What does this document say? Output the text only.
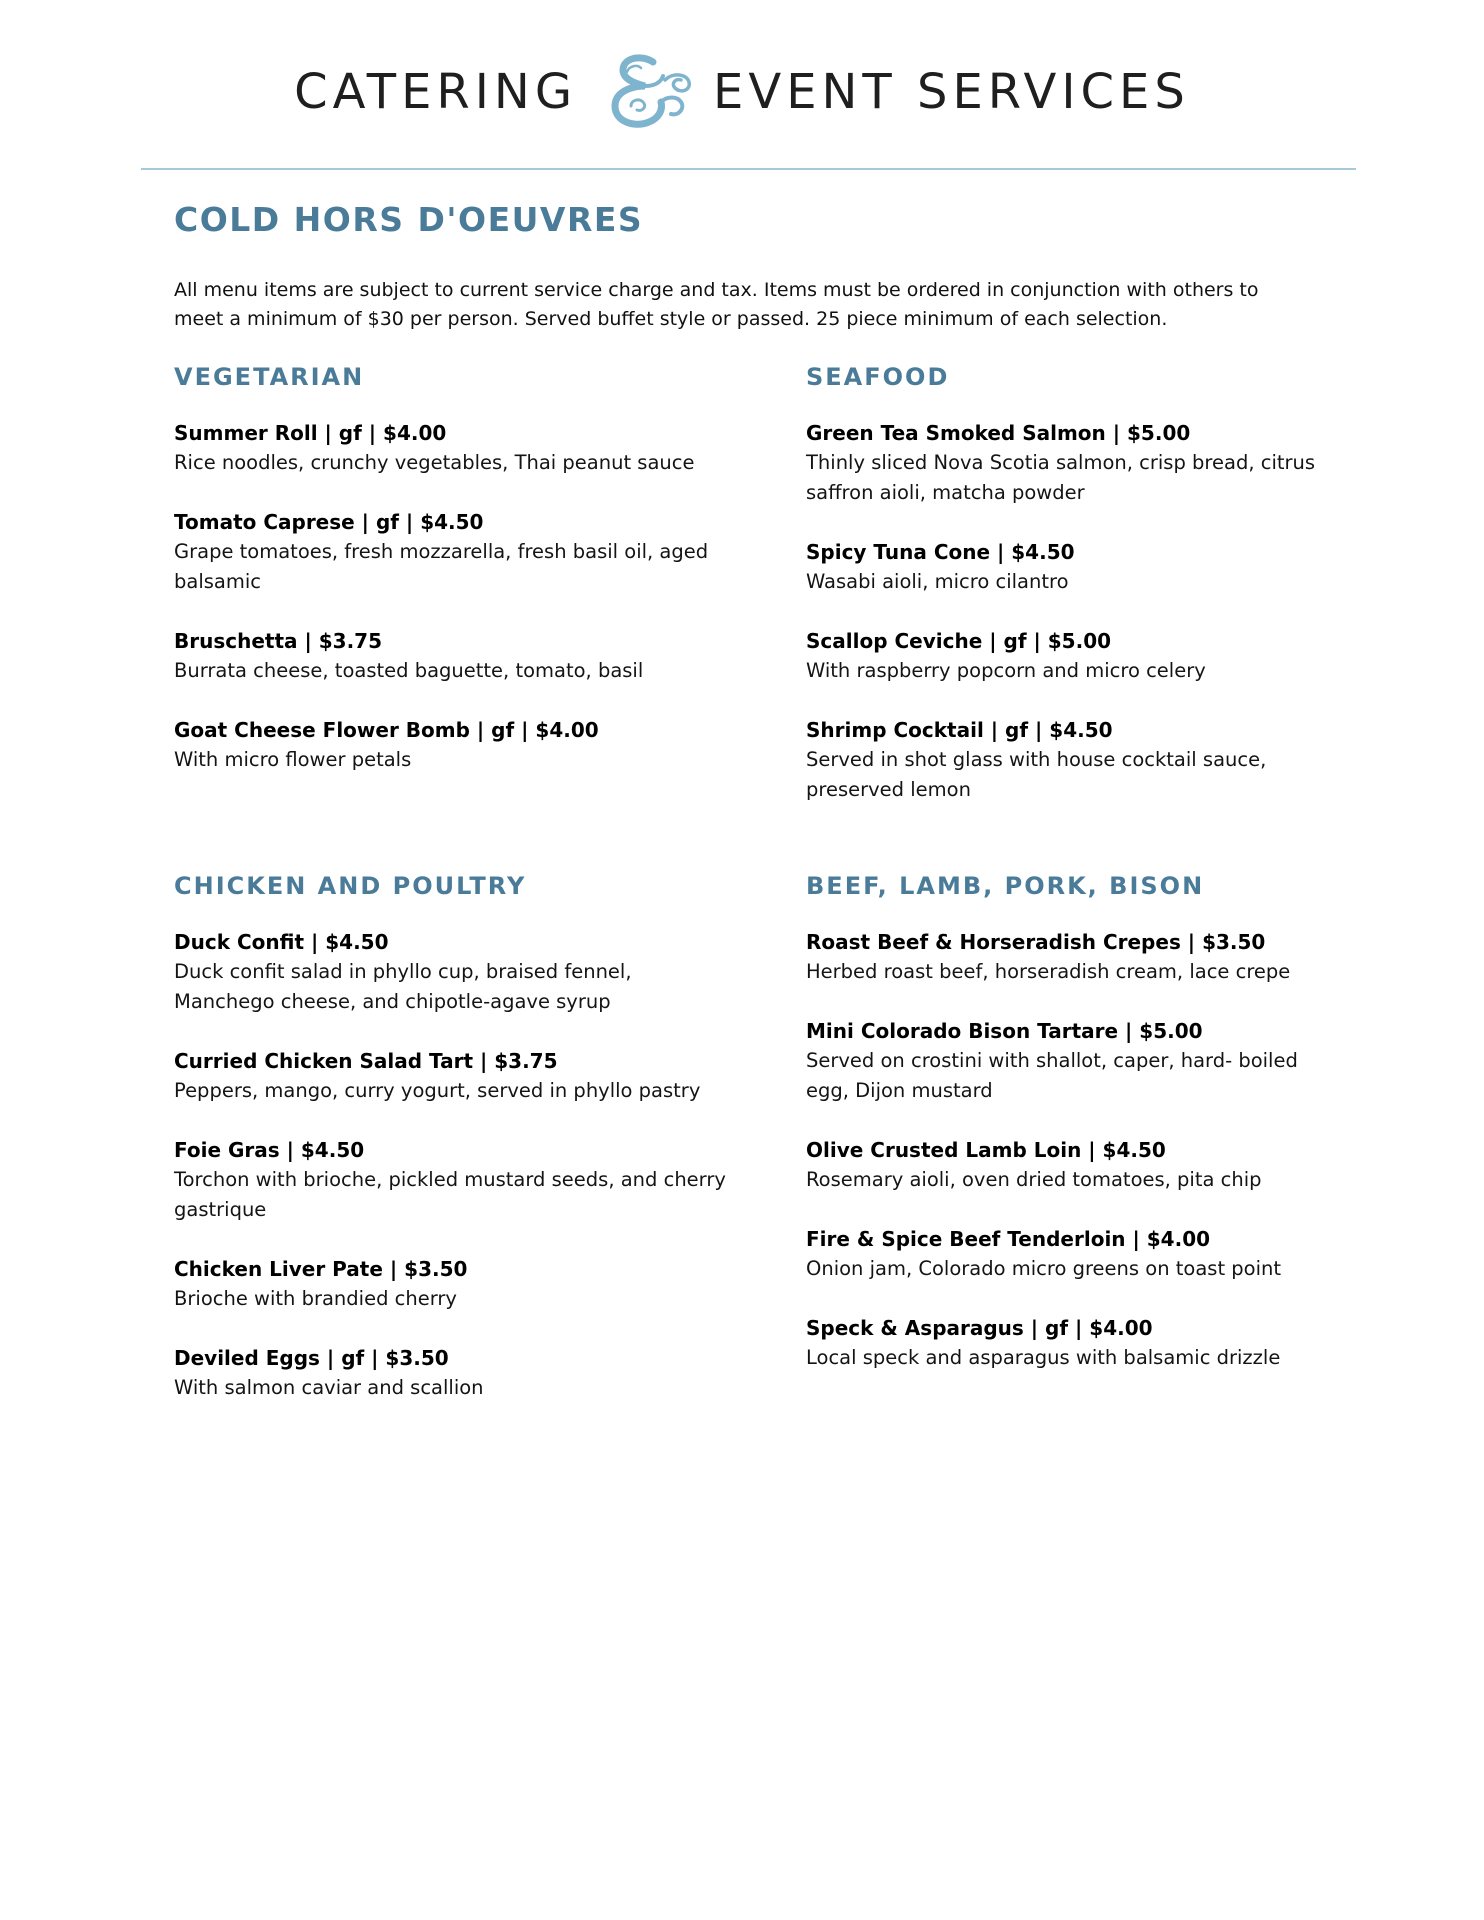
CATERING	EVENT SERVICES
COLD HORS D'OEUVRES

All menu items are subject to current service charge and tax. Items must be ordered in conjunction with others to
meet a minimum of $30 per person. Served buffet style or passed. 25 piece minimum of each selection.

VEGETARIAN
Summer Roll | gf | $4.00
Rice noodles, crunchy vegetables, Thai peanut sauce
Tomato Caprese | gf | $4.50
Grape tomatoes, fresh mozzarella, fresh basil oil, aged balsamic
Bruschetta | $3.75
Burrata cheese, toasted baguette, tomato, basil
Goat Cheese Flower Bomb | gf | $4.00
With micro flower petals
SEAFOOD
Green Tea Smoked Salmon | $5.00
Thinly sliced Nova Scotia salmon, crisp bread, citrus saffron aioli, matcha powder
Spicy Tuna Cone | $4.50
Wasabi aioli, micro cilantro
Scallop Ceviche | gf | $5.00
With raspberry popcorn and micro celery
Shrimp Cocktail | gf | $4.50
Served in shot glass with house cocktail sauce, preserved lemon
CHICKEN AND POULTRY
Duck Confit | $4.50
Duck confit salad in phyllo cup, braised fennel, Manchego cheese, and chipotle-agave syrup
Curried Chicken Salad Tart | $3.75
Peppers, mango, curry yogurt, served in phyllo pastry
Foie Gras | $4.50
Torchon with brioche, pickled mustard seeds, and cherry gastrique
Chicken Liver Pate | $3.50
Brioche with brandied cherry
Deviled Eggs | gf | $3.50
With salmon caviar and scallion
BEEF, LAMB, PORK, BISON
Roast Beef & Horseradish Crepes | $3.50
Herbed roast beef, horseradish cream, lace crepe
Mini Colorado Bison Tartare | $5.00
Served on crostini with shallot, caper, hard- boiled egg, Dijon mustard
Olive Crusted Lamb Loin | $4.50
Rosemary aioli, oven dried tomatoes, pita chip
Fire & Spice Beef Tenderloin | $4.00
Onion jam, Colorado micro greens on toast point
Speck & Asparagus | gf | $4.00
Local speck and asparagus with balsamic drizzle
